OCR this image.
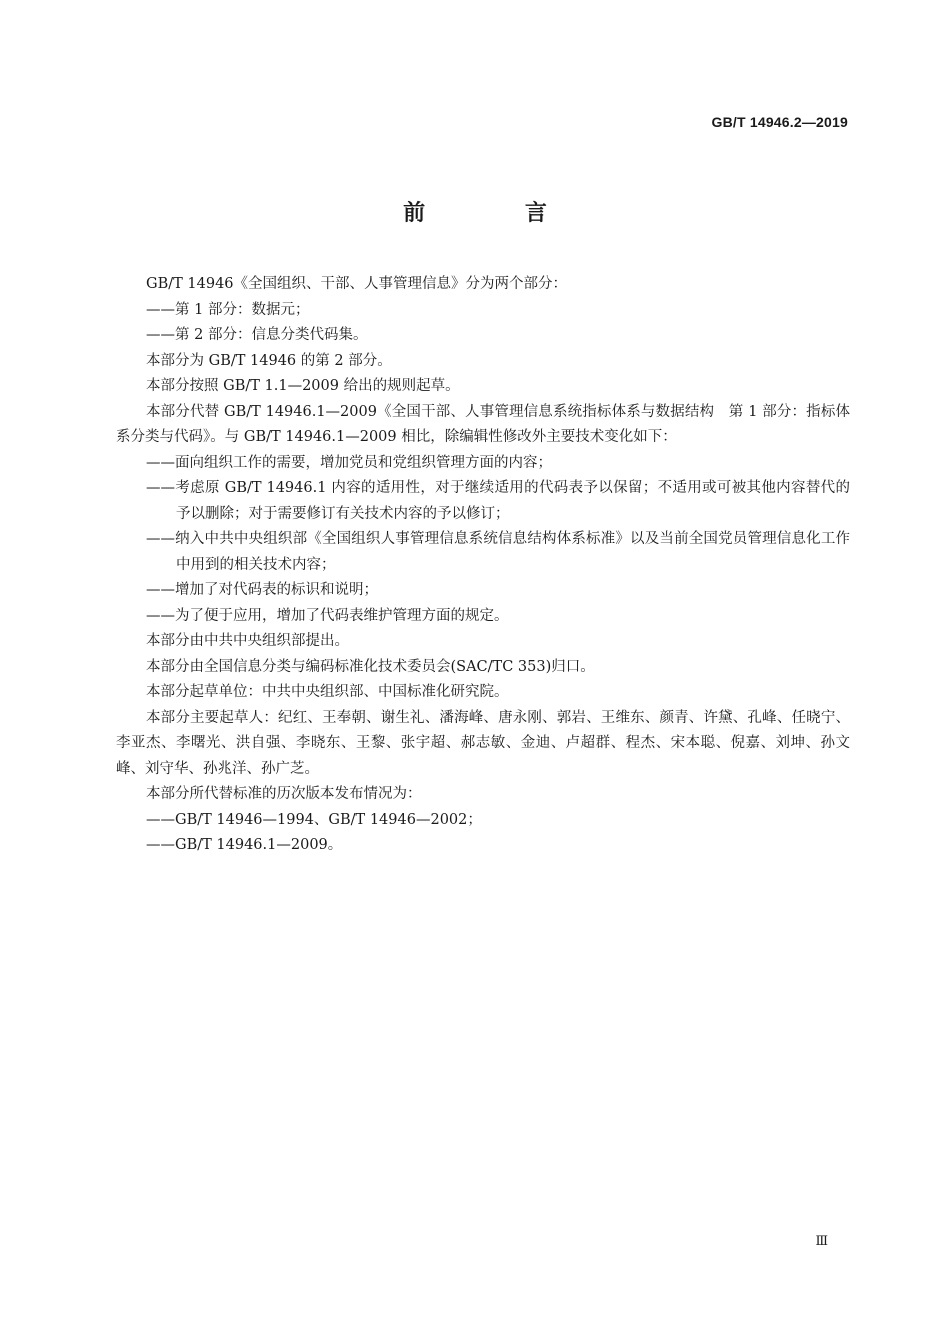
GB/T 14946.2—2019
前 言

GB/T 14946《全国组织、干部、人事管理信息》分为两个部分：

——第 1 部分：数据元；

——第 2 部分：信息分类代码集。

本部分为 GB/T 14946 的第 2 部分。

本部分按照 GB/T 1.1—2009 给出的规则起草。

本部分代替 GB/T 14946.1—2009《全国干部、人事管理信息系统指标体系与数据结构　第 1 部分：指标体系分类与代码》。与 GB/T 14946.1—2009 相比，除编辑性修改外主要技术变化如下：

——面向组织工作的需要，增加党员和党组织管理方面的内容；

——考虑原 GB/T 14946.1 内容的适用性，对于继续适用的代码表予以保留；不适用或可被其他内容替代的予以删除；对于需要修订有关技术内容的予以修订；

——纳入中共中央组织部《全国组织人事管理信息系统信息结构体系标准》以及当前全国党员管理信息化工作中用到的相关技术内容；

——增加了对代码表的标识和说明；

——为了便于应用，增加了代码表维护管理方面的规定。

本部分由中共中央组织部提出。

本部分由全国信息分类与编码标准化技术委员会(SAC/TC 353)归口。

本部分起草单位：中共中央组织部、中国标准化研究院。

本部分主要起草人：纪红、王奉朝、谢生礼、潘海峰、唐永刚、郭岩、王维东、颜青、许黛、孔峰、任晓宁、李亚杰、李曙光、洪自强、李晓东、王黎、张宇超、郝志敏、金迪、卢超群、程杰、宋本聪、倪嘉、刘坤、孙文峰、刘守华、孙兆洋、孙广芝。

本部分所代替标准的历次版本发布情况为：

——GB/T 14946—1994、GB/T 14946—2002；

——GB/T 14946.1—2009。

Ⅲ
